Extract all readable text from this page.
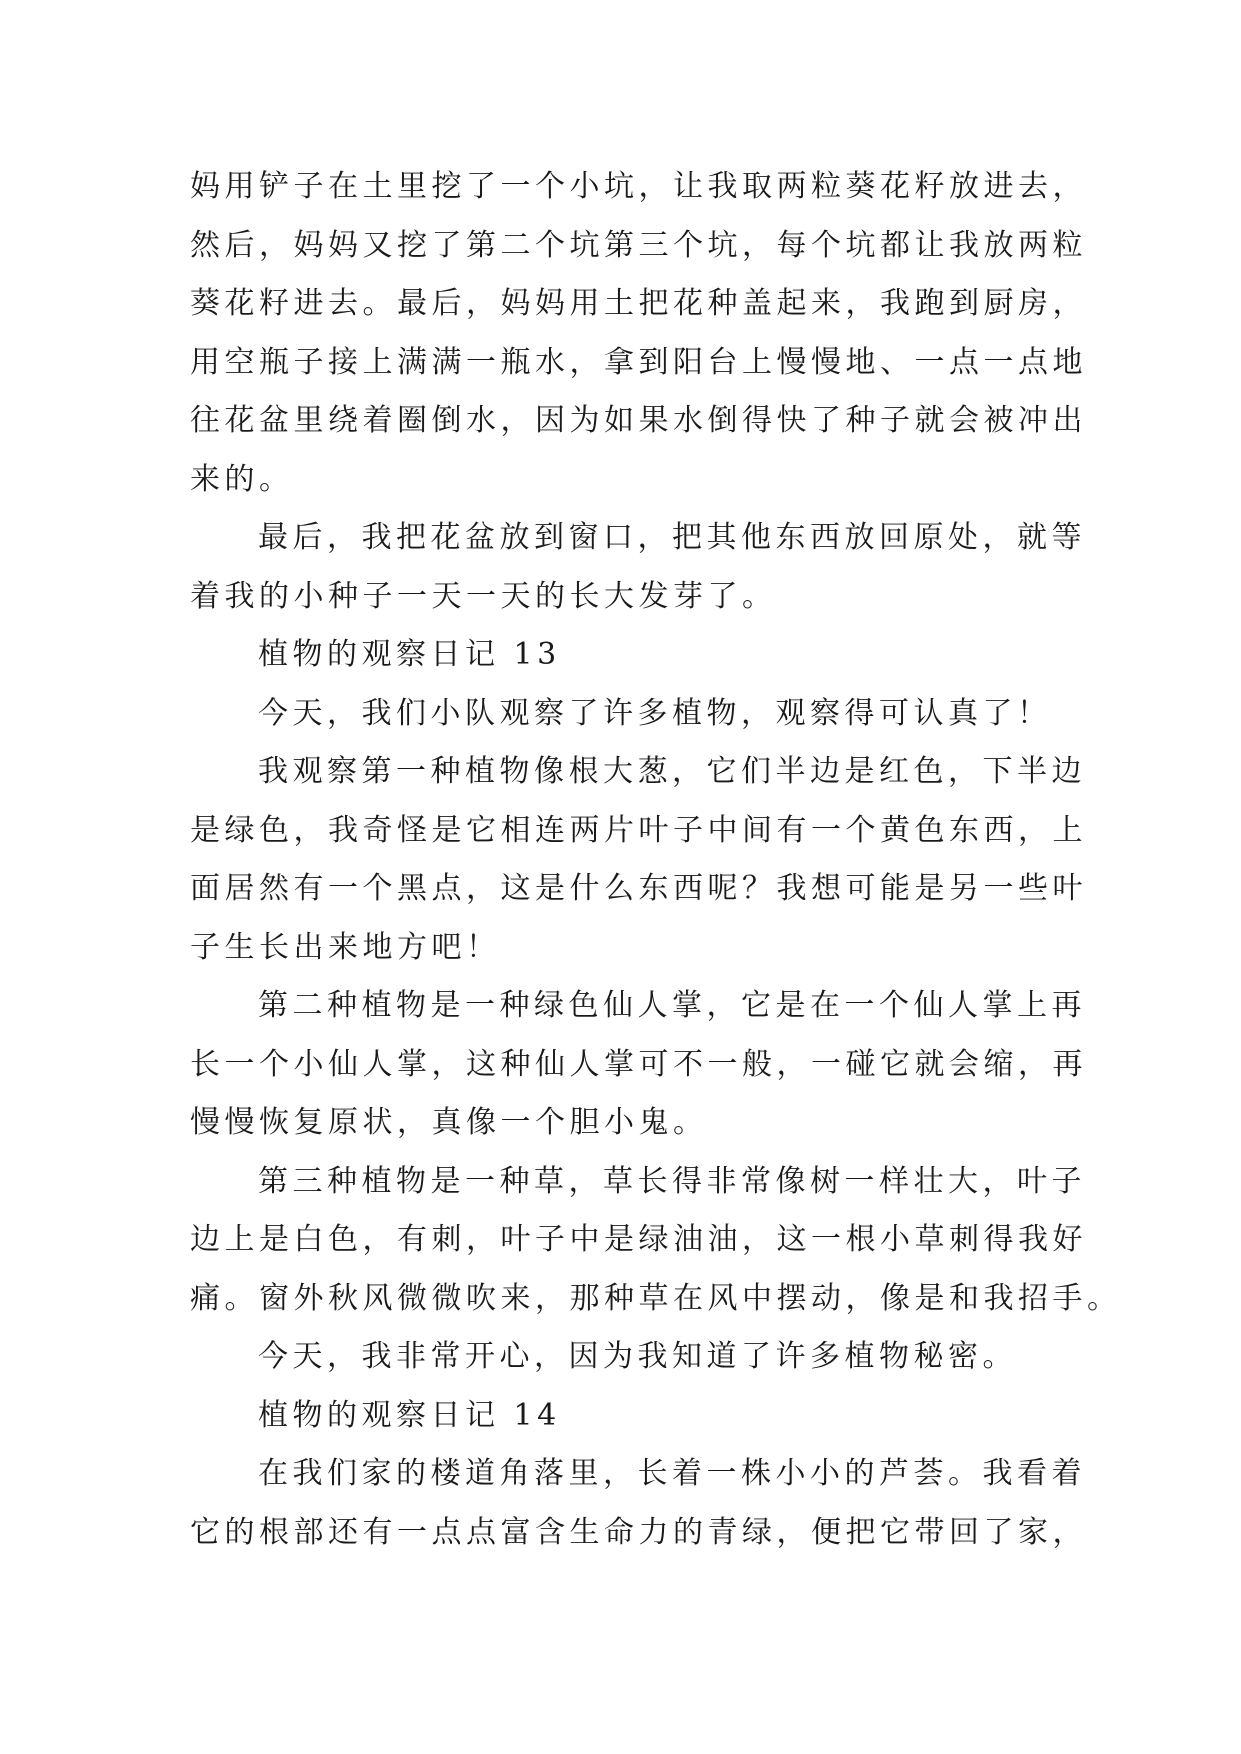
妈用铲子在土里挖了一个小坑，让我取两粒葵花籽放进去，
然后，妈妈又挖了第二个坑第三个坑，每个坑都让我放两粒
葵花籽进去。最后，妈妈用土把花种盖起来，我跑到厨房，
用空瓶子接上满满一瓶水，拿到阳台上慢慢地、一点一点地
往花盆里绕着圈倒水，因为如果水倒得快了种子就会被冲出
来的。
最后，我把花盆放到窗口，把其他东西放回原处，就等
着我的小种子一天一天的长大发芽了。
植物的观察日记 13
今天，我们小队观察了许多植物，观察得可认真了！
我观察第一种植物像根大葱，它们半边是红色，下半边
是绿色，我奇怪是它相连两片叶子中间有一个黄色东西，上
面居然有一个黑点，这是什么东西呢？我想可能是另一些叶
子生长出来地方吧！
第二种植物是一种绿色仙人掌，它是在一个仙人掌上再
长一个小仙人掌，这种仙人掌可不一般，一碰它就会缩，再
慢慢恢复原状，真像一个胆小鬼。
第三种植物是一种草，草长得非常像树一样壮大，叶子
边上是白色，有刺，叶子中是绿油油，这一根小草刺得我好
痛。窗外秋风微微吹来，那种草在风中摆动，像是和我招手。
今天，我非常开心，因为我知道了许多植物秘密。
植物的观察日记 14
在我们家的楼道角落里，长着一株小小的芦荟。我看着
它的根部还有一点点富含生命力的青绿，便把它带回了家，
